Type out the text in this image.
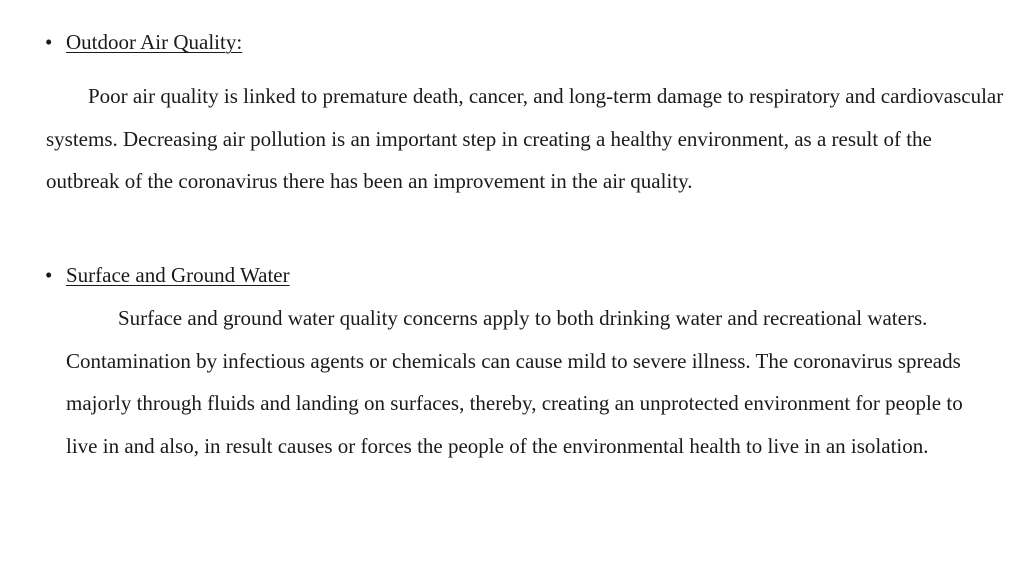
• Outdoor Air Quality:

Poor air quality is linked to premature death, cancer, and long-term damage to respiratory and cardiovascular systems. Decreasing air pollution is an important step in creating a healthy environment, as a result of the outbreak of the coronavirus there has been an improvement in the air quality.

• Surface and Ground Water

Surface and ground water quality concerns apply to both drinking water and recreational waters. Contamination by infectious agents or chemicals can cause mild to severe illness. The coronavirus spreads majorly through fluids and landing on surfaces, thereby, creating an unprotected environment for people to live in and also, in result causes or forces the people of the environmental health to live in an isolation.
